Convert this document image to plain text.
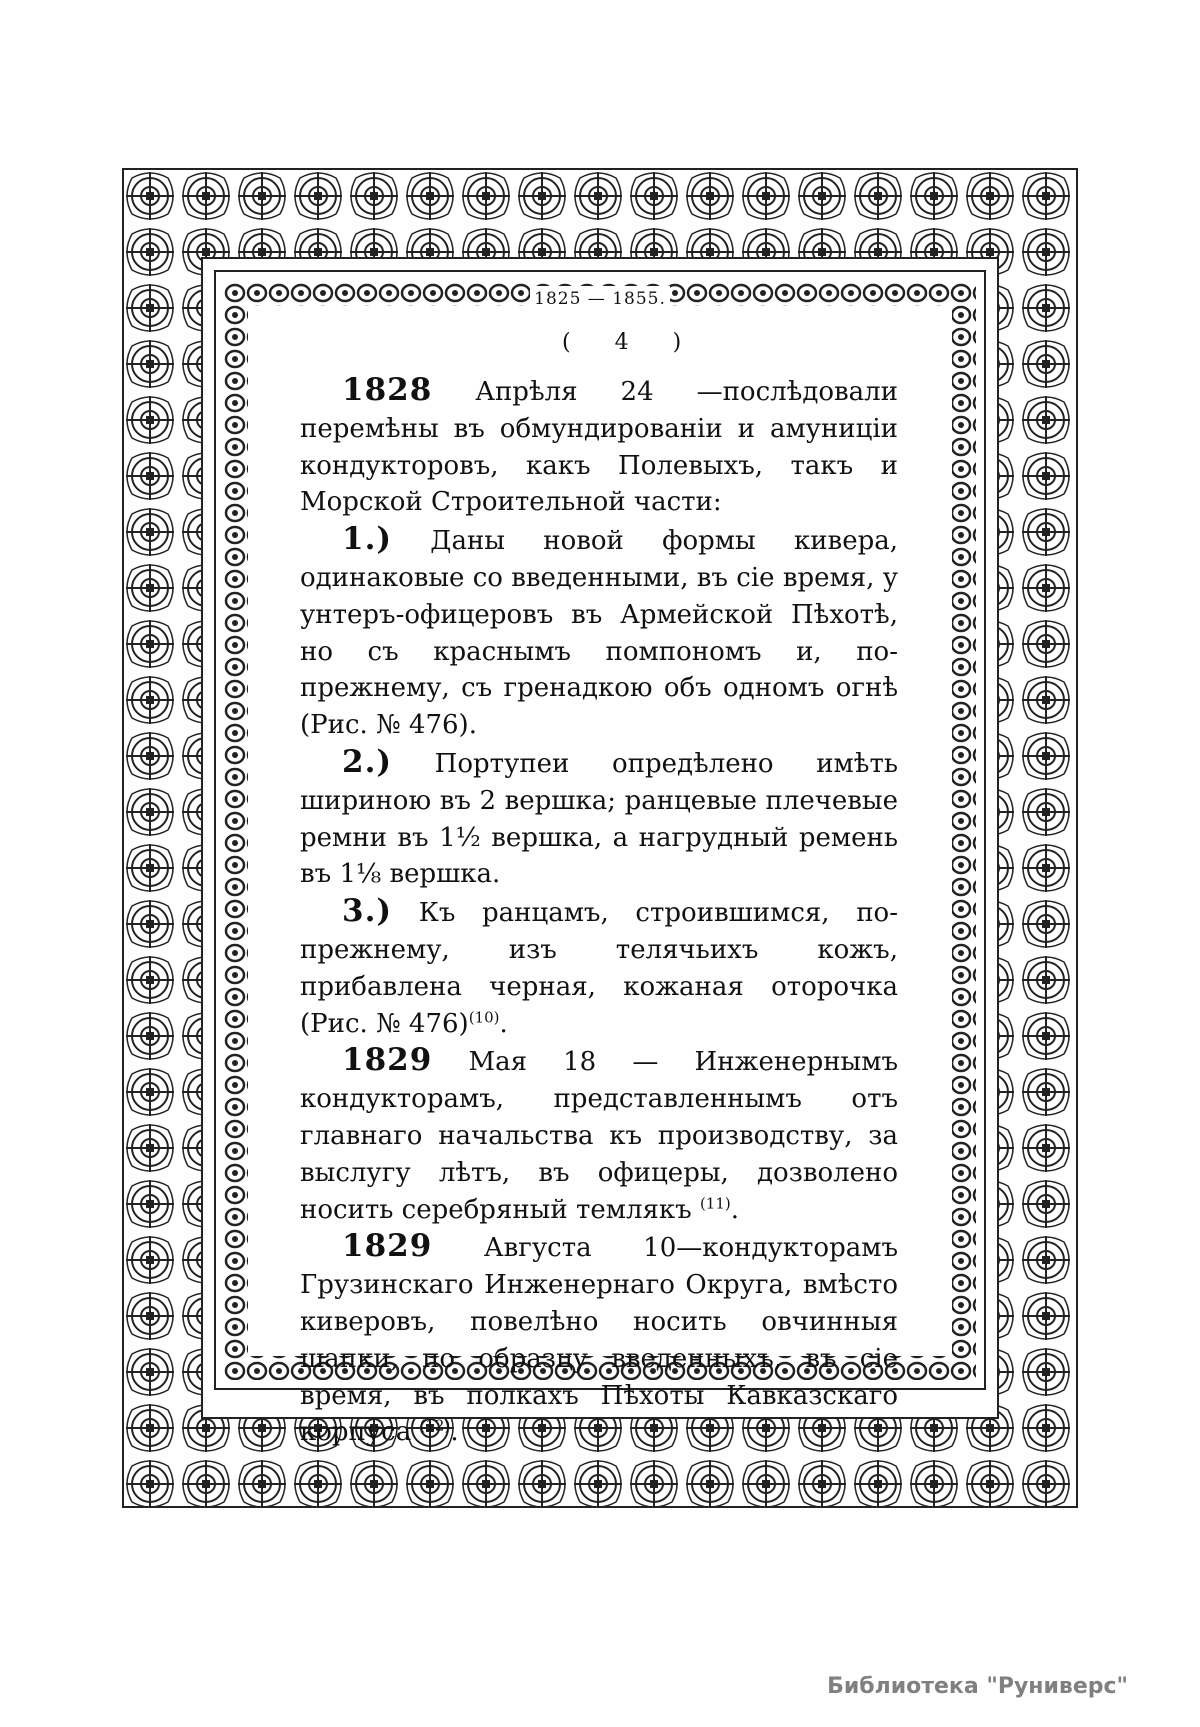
1825 — 1855.
( 4 )

1828 Апрѣля 24 —послѣдовали перемѣны въ обмундированіи и амуниціи кондукторовъ, какъ Полевыхъ, такъ и Морской Строительной части:

1.) Даны новой формы кивера, одинаковые со введенными, въ сіе время, у унтеръ-офицеровъ въ Армейской Пѣхотѣ, но съ краснымъ помпономъ и, по-прежнему, съ гренадкою объ одномъ огнѣ (Рис. № 476).

2.) Портупеи опредѣлено имѣть шириною въ 2 вершка; ранцевые плечевые ремни въ 1½ вершка, а нагрудный ремень въ 1⅛ вершка.

3.) Къ ранцамъ, строившимся, по-прежнему, изъ телячьихъ кожъ, прибавлена черная, кожаная оторочка (Рис. № 476)$^{(10)}$.

1829 Мая 18 — Инженернымъ кондукторамъ, представленнымъ отъ главнаго начальства къ производству, за выслугу лѣтъ, въ офицеры, дозволено носить серебряный темлякъ $^{(11)}$.

1829 Августа 10—кондукторамъ Грузинскаго Инженернаго Округа, вмѣсто киверовъ, повелѣно носить овчинныя шапки, по образцу введенныхъ, въ сіе время, въ полкахъ Пѣхоты Кавказскаго корпуса $^{(12)}$.

Библиотека "Руниверс"
